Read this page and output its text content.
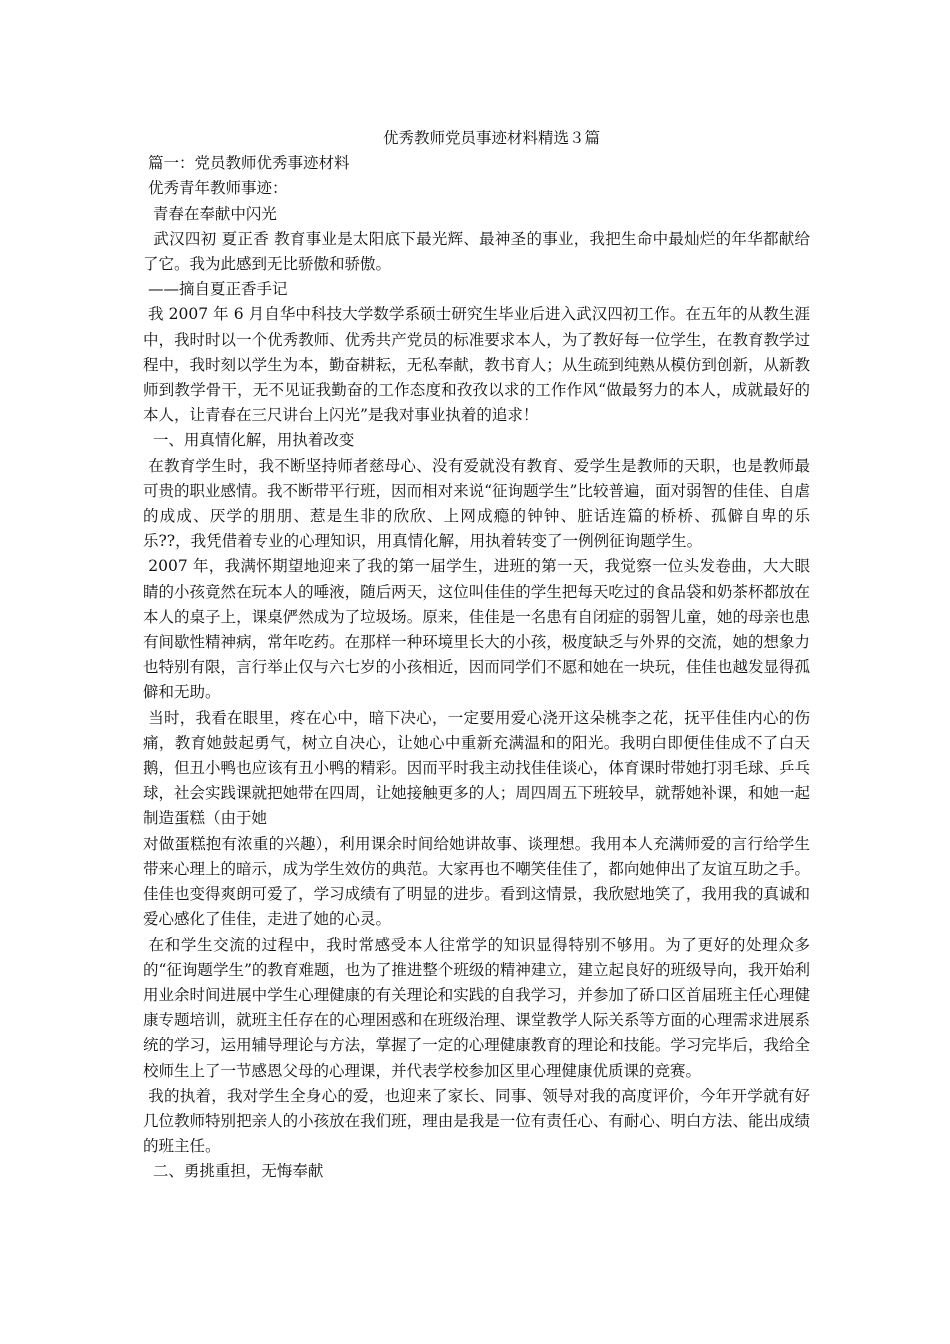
优秀教师党员事迹材料精选３篇

篇一：党员教师优秀事迹材料

优秀青年教师事迹：

青春在奉献中闪光

武汉四初 夏正香 教育事业是太阳底下最光辉、最神圣的事业，我把生命中最灿烂的年华都献给了它。我为此感到无比骄傲和骄傲。

——摘自夏正香手记

我 2007 年 6 月自华中科技大学数学系硕士研究生毕业后进入武汉四初工作。在五年的从教生涯中，我时时以一个优秀教师、优秀共产党员的标准要求本人，为了教好每一位学生，在教育教学过程中，我时刻以学生为本，勤奋耕耘，无私奉献，教书育人；从生疏到纯熟从模仿到创新，从新教师到教学骨干，无不见证我勤奋的工作态度和孜孜以求的工作作风“做最努力的本人，成就最好的本人，让青春在三尺讲台上闪光”是我对事业执着的追求！

一、用真情化解，用执着改变

在教育学生时，我不断坚持师者慈母心、没有爱就没有教育、爱学生是教师的天职，也是教师最可贵的职业感情。我不断带平行班，因而相对来说“征询题学生”比较普遍，面对弱智的佳佳、自虐的成成、厌学的朋朋、惹是生非的欣欣、上网成瘾的钟钟、脏话连篇的桥桥、孤僻自卑的乐乐??，我凭借着专业的心理知识，用真情化解，用执着转变了一例例征询题学生。

2007 年，我满怀期望地迎来了我的第一届学生，进班的第一天，我觉察一位头发卷曲，大大眼睛的小孩竟然在玩本人的唾液，随后两天，这位叫佳佳的学生把每天吃过的食品袋和奶茶杯都放在本人的桌子上，课桌俨然成为了垃圾场。原来，佳佳是一名患有自闭症的弱智儿童，她的母亲也患有间歇性精神病，常年吃药。在那样一种环境里长大的小孩，极度缺乏与外界的交流，她的想象力也特别有限，言行举止仅与六七岁的小孩相近，因而同学们不愿和她在一块玩，佳佳也越发显得孤僻和无助。

当时，我看在眼里，疼在心中，暗下决心，一定要用爱心浇开这朵桃李之花，抚平佳佳内心的伤痛，教育她鼓起勇气，树立自决心，让她心中重新充满温和的阳光。我明白即便佳佳成不了白天鹅，但丑小鸭也应该有丑小鸭的精彩。因而平时我主动找佳佳谈心，体育课时带她打羽毛球、乒乓球，社会实践课就把她带在四周，让她接触更多的人；周四周五下班较早，就帮她补课，和她一起制造蛋糕（由于她

对做蛋糕抱有浓重的兴趣），利用课余时间给她讲故事、谈理想。我用本人充满师爱的言行给学生带来心理上的暗示，成为学生效仿的典范。大家再也不嘲笑佳佳了，都向她伸出了友谊互助之手。佳佳也变得爽朗可爱了，学习成绩有了明显的进步。看到这情景，我欣慰地笑了，我用我的真诚和爱心感化了佳佳，走进了她的心灵。

在和学生交流的过程中，我时常感受本人往常学的知识显得特别不够用。为了更好的处理众多的“征询题学生”的教育难题，也为了推进整个班级的精神建立，建立起良好的班级导向，我开始利用业余时间进展中学生心理健康的有关理论和实践的自我学习，并参加了硚口区首届班主任心理健康专题培训，就班主任存在的心理困惑和在班级治理、课堂教学人际关系等方面的心理需求进展系统的学习，运用辅导理论与方法，掌握了一定的心理健康教育的理论和技能。学习完毕后，我给全校师生上了一节感恩父母的心理课，并代表学校参加区里心理健康优质课的竞赛。

我的执着，我对学生全身心的爱，也迎来了家长、同事、领导对我的高度评价，今年开学就有好几位教师特别把亲人的小孩放在我们班，理由是我是一位有责任心、有耐心、明白方法、能出成绩的班主任。

二、勇挑重担，无悔奉献
